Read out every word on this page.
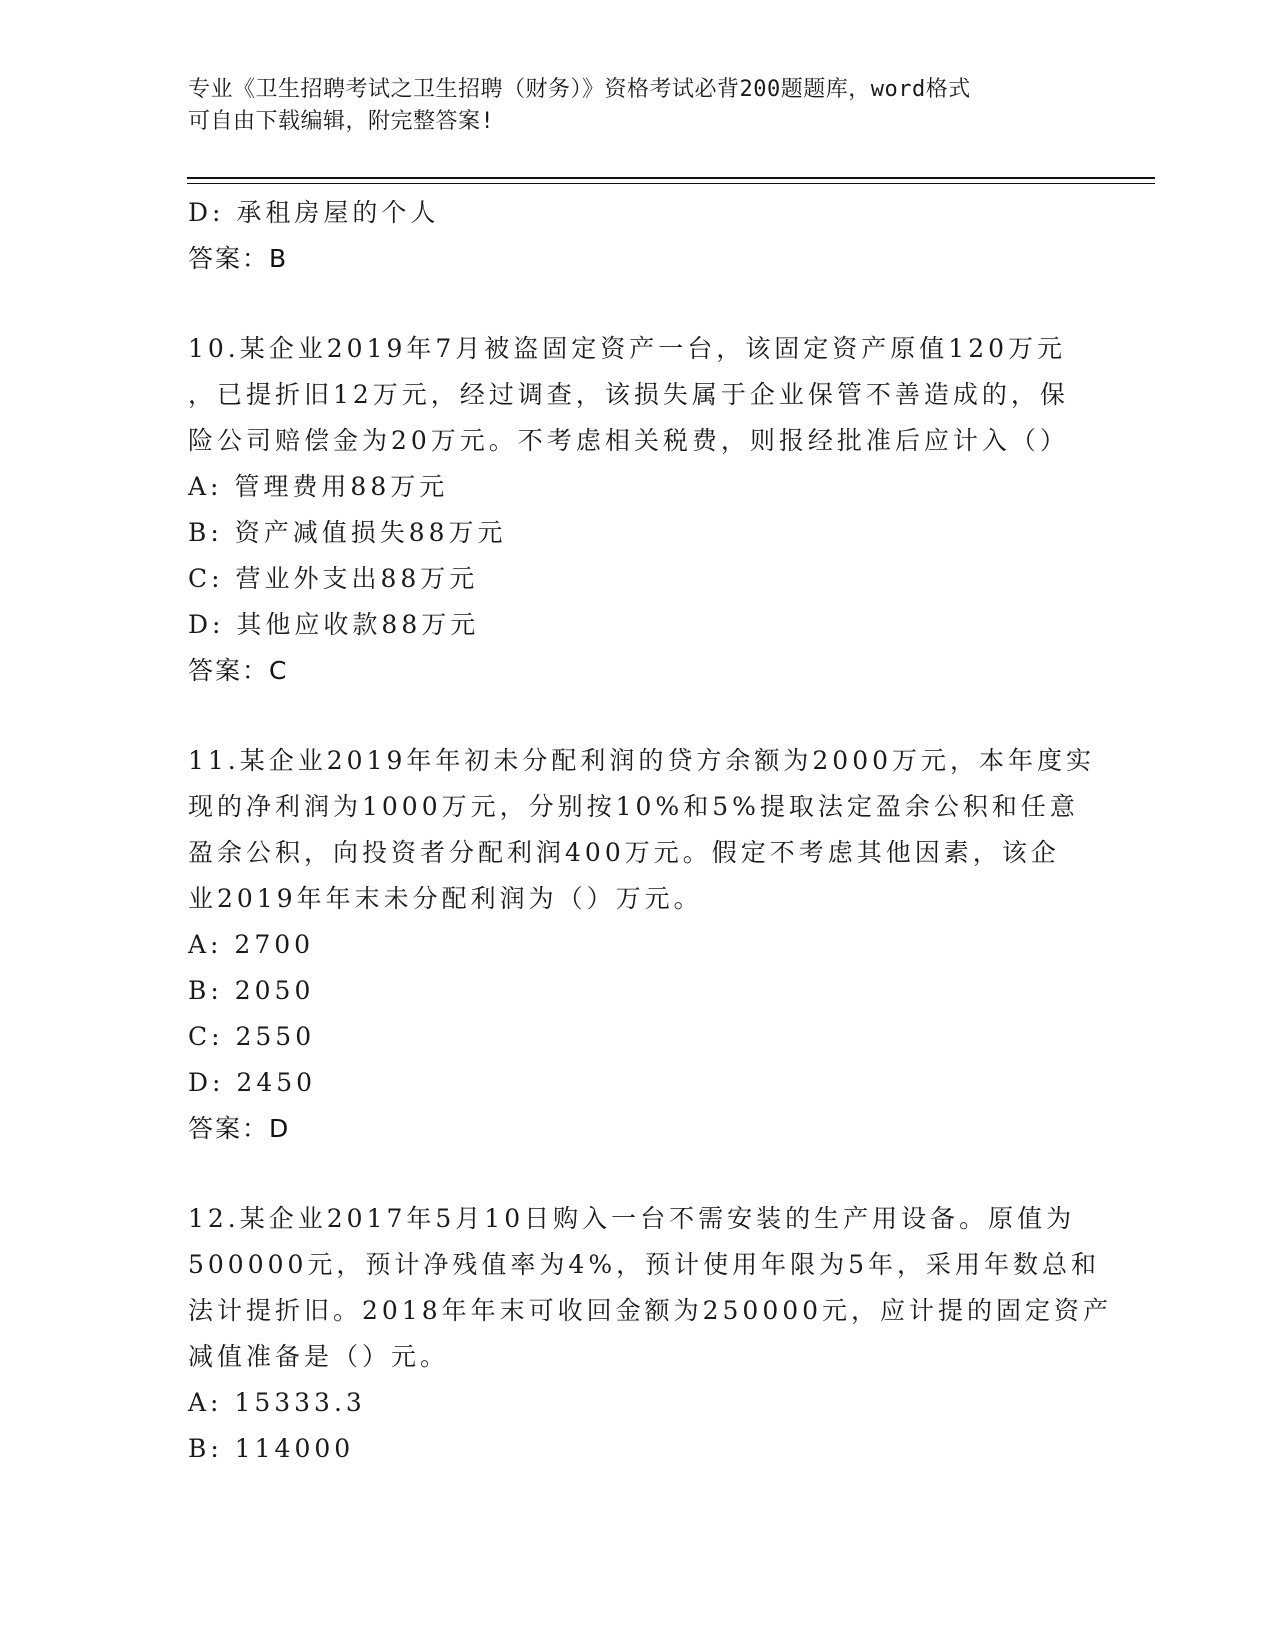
专业《卫生招聘考试之卫生招聘（财务）》资格考试必背200题题库，word格式
可自由下载编辑，附完整答案!
D: 承租房屋的个人
答案：B
10.某企业2019年7月被盗固定资产一台，该固定资产原值120万元
，已提折旧12万元，经过调查，该损失属于企业保管不善造成的，保
险公司赔偿金为20万元。不考虑相关税费，则报经批准后应计入（）
A: 管理费用88万元
B: 资产减值损失88万元
C: 营业外支出88万元
D: 其他应收款88万元
答案：C
11.某企业2019年年初未分配利润的贷方余额为2000万元，本年度实
现的净利润为1000万元，分别按10%和5%提取法定盈余公积和任意
盈余公积，向投资者分配利润400万元。假定不考虑其他因素，该企
业2019年年末未分配利润为（）万元。
A: 2700
B: 2050
C: 2550
D: 2450
答案：D
12.某企业2017年5月10日购入一台不需安装的生产用设备。原值为
500000元，预计净残值率为4%，预计使用年限为5年，采用年数总和
法计提折旧。2018年年末可收回金额为250000元，应计提的固定资产
减值准备是（）元。
A: 15333.3
B: 114000
